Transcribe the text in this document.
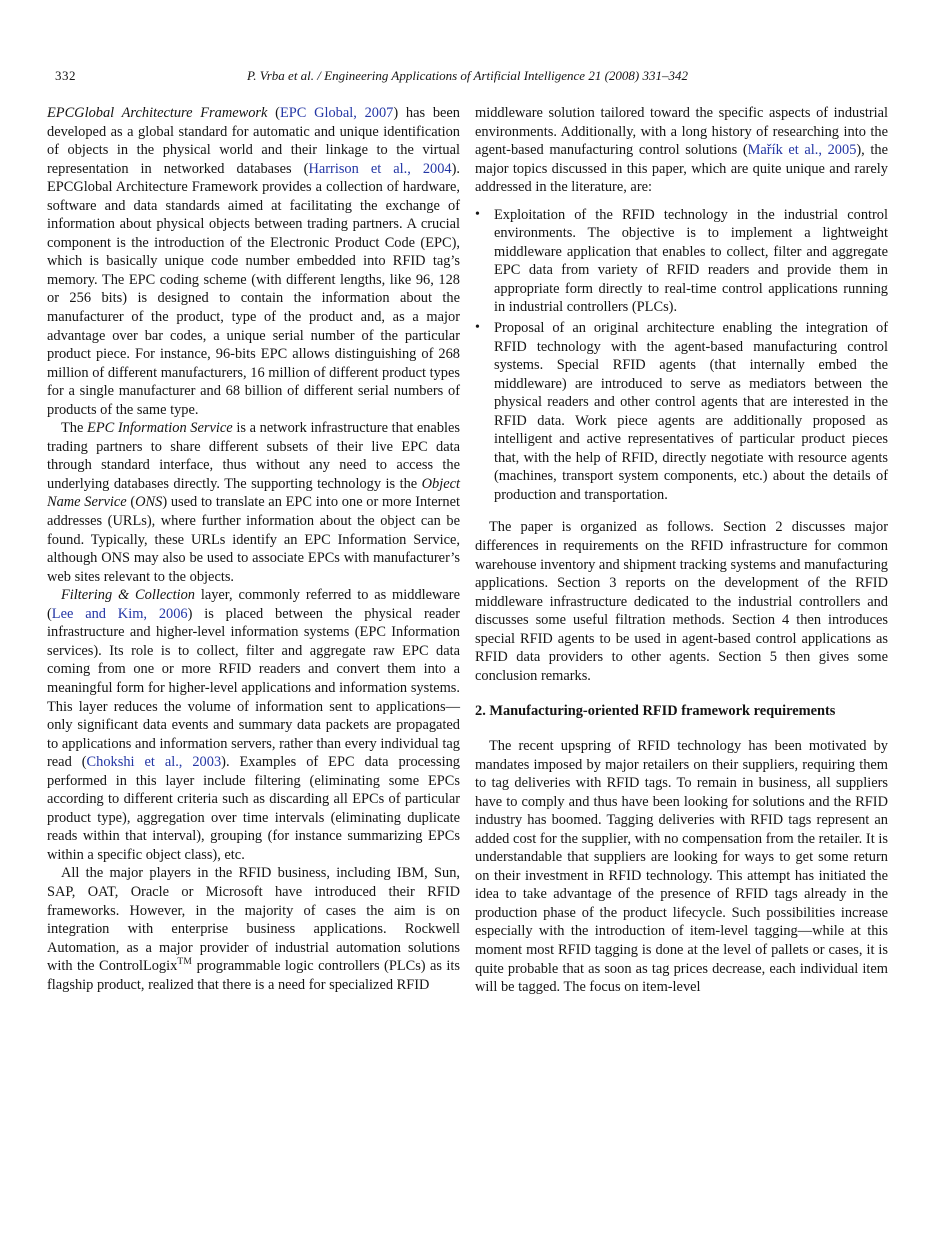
332	P. Vrba et al. / Engineering Applications of Artificial Intelligence 21 (2008) 331–342

EPCGlobal Architecture Framework (EPC Global, 2007) has been developed as a global standard for automatic and unique identification of objects in the physical world and their linkage to the virtual representation in networked databases (Harrison et al., 2004). EPCGlobal Architecture Framework provides a collection of hardware, software and data standards aimed at facilitating the exchange of information about physical objects between trading partners. A crucial component is the introduction of the Electronic Product Code (EPC), which is basically unique code number embedded into RFID tag’s memory. The EPC coding scheme (with different lengths, like 96, 128 or 256 bits) is designed to contain the information about the manufacturer of the product, type of the product and, as a major advantage over bar codes, a unique serial number of the particular product piece. For instance, 96-bits EPC allows distinguishing of 268 million of different manufacturers, 16 million of different product types for a single manufacturer and 68 billion of different serial numbers of products of the same type.

The EPC Information Service is a network infrastructure that enables trading partners to share different subsets of their live EPC data through standard interface, thus without any need to access the underlying databases directly. The supporting technology is the Object Name Service (ONS) used to translate an EPC into one or more Internet addresses (URLs), where further information about the object can be found. Typically, these URLs identify an EPC Information Service, although ONS may also be used to associate EPCs with manufacturer’s web sites relevant to the objects.

Filtering & Collection layer, commonly referred to as middleware (Lee and Kim, 2006) is placed between the physical reader infrastructure and higher-level information systems (EPC Information services). Its role is to collect, filter and aggregate raw EPC data coming from one or more RFID readers and convert them into a meaningful form for higher-level applications and information systems. This layer reduces the volume of information sent to applications—only significant data events and summary data packets are propagated to applications and information servers, rather than every individual tag read (Chokshi et al., 2003). Examples of EPC data processing performed in this layer include filtering (eliminating some EPCs according to different criteria such as discarding all EPCs of particular product type), aggregation over time intervals (eliminating duplicate reads within that interval), grouping (for instance summarizing EPCs within a specific object class), etc.

All the major players in the RFID business, including IBM, Sun, SAP, OAT, Oracle or Microsoft have introduced their RFID frameworks. However, in the majority of cases the aim is on integration with enterprise business applications. Rockwell Automation, as a major provider of industrial automation solutions with the ControlLogix™ programmable logic controllers (PLCs) as its flagship product, realized that there is a need for specialized RFID

middleware solution tailored toward the specific aspects of industrial environments. Additionally, with a long history of researching into the agent-based manufacturing control solutions (Mařík et al., 2005), the major topics discussed in this paper, which are quite unique and rarely addressed in the literature, are:

• Exploitation of the RFID technology in the industrial control environments. The objective is to implement a lightweight middleware application that enables to collect, filter and aggregate EPC data from variety of RFID readers and provide them in appropriate form directly to real-time control applications running in industrial controllers (PLCs).
• Proposal of an original architecture enabling the integration of RFID technology with the agent-based manufacturing control systems. Special RFID agents (that internally embed the middleware) are introduced to serve as mediators between the physical readers and other control agents that are interested in the RFID data. Work piece agents are additionally proposed as intelligent and active representatives of particular product pieces that, with the help of RFID, directly negotiate with resource agents (machines, transport system components, etc.) about the details of production and transportation.

The paper is organized as follows. Section 2 discusses major differences in requirements on the RFID infrastructure for common warehouse inventory and shipment tracking systems and manufacturing applications. Section 3 reports on the development of the RFID middleware infrastructure dedicated to the industrial controllers and discusses some useful filtration methods. Section 4 then introduces special RFID agents to be used in agent-based control applications as RFID data providers to other agents. Section 5 then gives some conclusion remarks.

2. Manufacturing-oriented RFID framework requirements

The recent upspring of RFID technology has been motivated by mandates imposed by major retailers on their suppliers, requiring them to tag deliveries with RFID tags. To remain in business, all suppliers have to comply and thus have been looking for solutions and the RFID industry has boomed. Tagging deliveries with RFID tags represent an added cost for the supplier, with no compensation from the retailer. It is understandable that suppliers are looking for ways to get some return on their investment in RFID technology. This attempt has initiated the idea to take advantage of the presence of RFID tags already in the production phase of the product lifecycle. Such possibilities increase especially with the introduction of item-level tagging—while at this moment most RFID tagging is done at the level of pallets or cases, it is quite probable that as soon as tag prices decrease, each individual item will be tagged. The focus on item-level
